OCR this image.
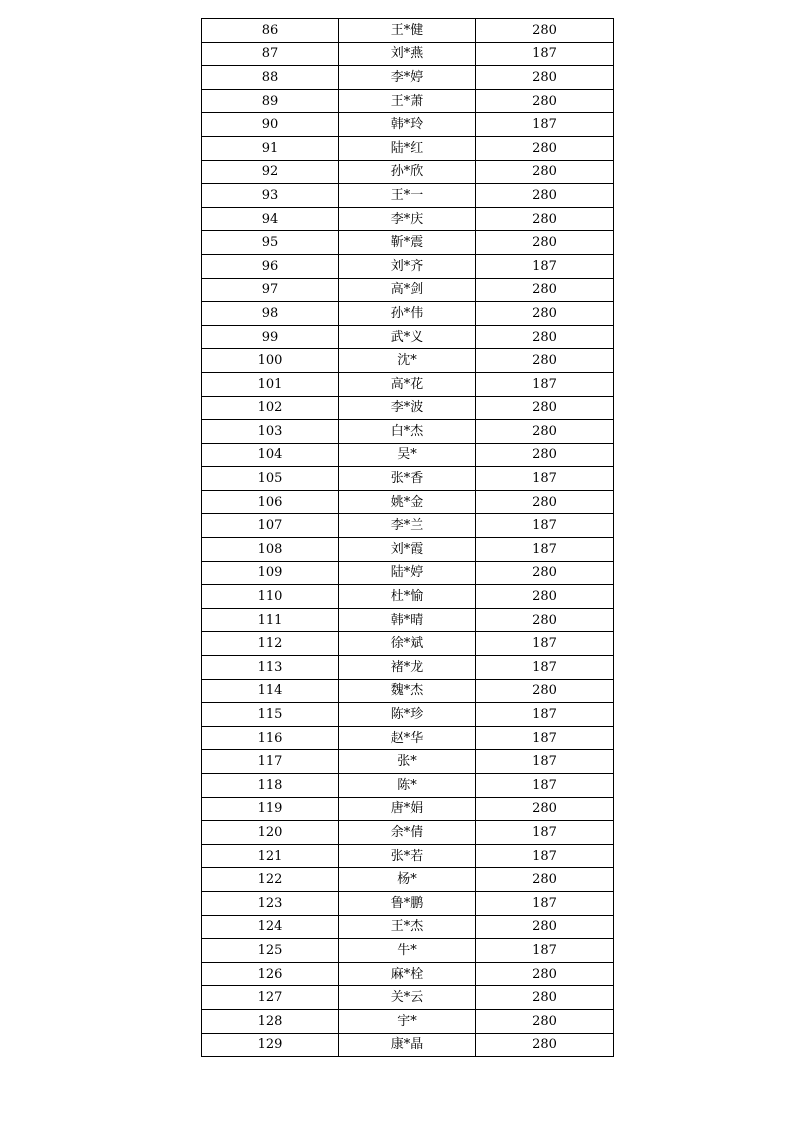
86	王*健	280
87	刘*燕	187
88	李*婷	280
89	王*萧	280
90	韩*玲	187
91	陆*红	280
92	孙*欣	280
93	王*一	280
94	李*庆	280
95	靳*震	280
96	刘*齐	187
97	高*剑	280
98	孙*伟	280
99	武*义	280
100	沈*	280
101	高*花	187
102	李*波	280
103	白*杰	280
104	吴*	280
105	张*香	187
106	姚*金	280
107	李*兰	187
108	刘*霞	187
109	陆*婷	280
110	杜*愉	280
111	韩*晴	280
112	徐*斌	187
113	褚*龙	187
114	魏*杰	280
115	陈*珍	187
116	赵*华	187
117	张*	187
118	陈*	187
119	唐*娟	280
120	余*倩	187
121	张*若	187
122	杨*	280
123	鲁*鹏	187
124	王*杰	280
125	牛*	187
126	麻*栓	280
127	关*云	280
128	宇*	280
129	康*晶	280
